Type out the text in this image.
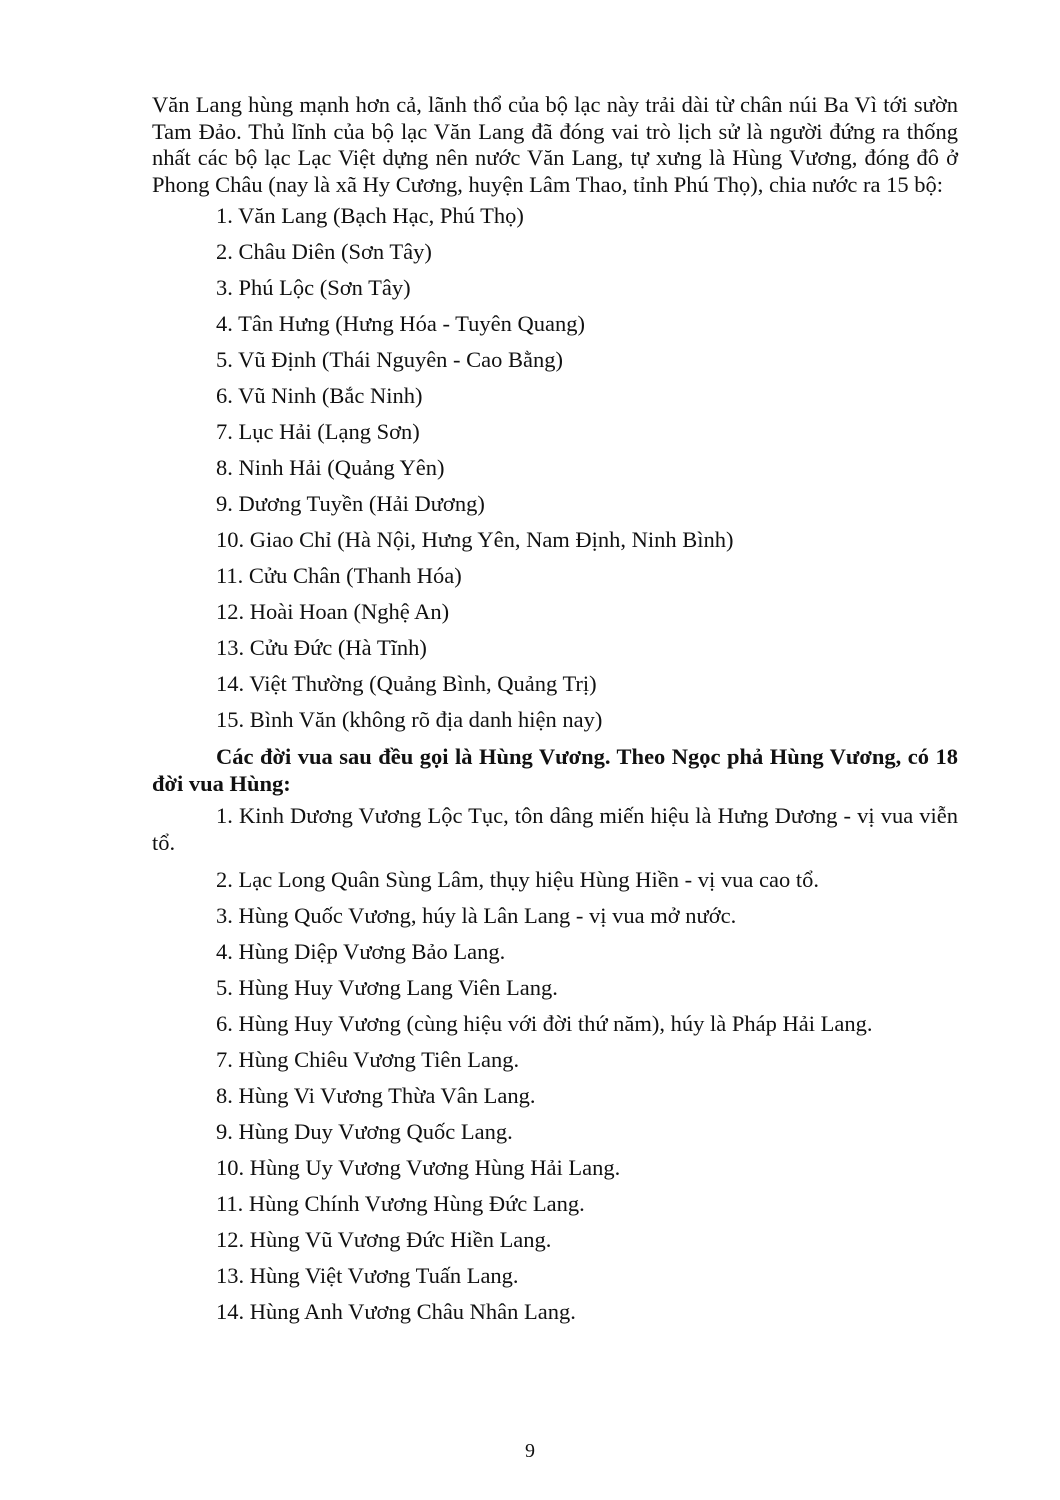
Văn Lang hùng mạnh hơn cả, lãnh thổ của bộ lạc này trải dài từ chân núi Ba Vì tới sườn Tam Đảo. Thủ lĩnh của bộ lạc Văn Lang đã đóng vai trò lịch sử là người đứng ra thống nhất các bộ lạc Lạc Việt dựng nên nước Văn Lang, tự xưng là Hùng Vương, đóng đô ở Phong Châu (nay là xã Hy Cương, huyện Lâm Thao, tỉnh Phú Thọ), chia nước ra 15 bộ:

1. Văn Lang (Bạch Hạc, Phú Thọ)
2. Châu Diên (Sơn Tây)
3. Phú Lộc (Sơn Tây)
4. Tân Hưng (Hưng Hóa - Tuyên Quang)
5. Vũ Định (Thái Nguyên - Cao Bằng)
6. Vũ Ninh (Bắc Ninh)
7. Lục Hải (Lạng Sơn)
8. Ninh Hải (Quảng Yên)
9. Dương Tuyền (Hải Dương)
10. Giao Chỉ (Hà Nội, Hưng Yên, Nam Định, Ninh Bình)
11. Cửu Chân (Thanh Hóa)
12. Hoài Hoan (Nghệ An)
13. Cửu Đức (Hà Tĩnh)
14. Việt Thường (Quảng Bình, Quảng Trị)
15. Bình Văn (không rõ địa danh hiện nay)

Các đời vua sau đều gọi là Hùng Vương. Theo Ngọc phả Hùng Vương, có 18 đời vua Hùng:

1. Kinh Dương Vương Lộc Tục, tôn dâng miến hiệu là Hưng Dương - vị vua viễn tổ.
2. Lạc Long Quân Sùng Lâm, thụy hiệu Hùng Hiền - vị vua cao tổ.
3. Hùng Quốc Vương, húy là Lân Lang - vị vua mở nước.
4. Hùng Diệp Vương Bảo Lang.
5. Hùng Huy Vương Lang Viên Lang.
6. Hùng Huy Vương (cùng hiệu với đời thứ năm), húy là Pháp Hải Lang.
7. Hùng Chiêu Vương Tiên Lang.
8. Hùng Vi Vương Thừa Vân Lang.
9. Hùng Duy Vương Quốc Lang.
10. Hùng Uy Vương Vương Hùng Hải Lang.
11. Hùng Chính Vương Hùng Đức Lang.
12. Hùng Vũ Vương Đức Hiền Lang.
13. Hùng Việt Vương Tuấn Lang.
14. Hùng Anh Vương Châu Nhân Lang.
9
